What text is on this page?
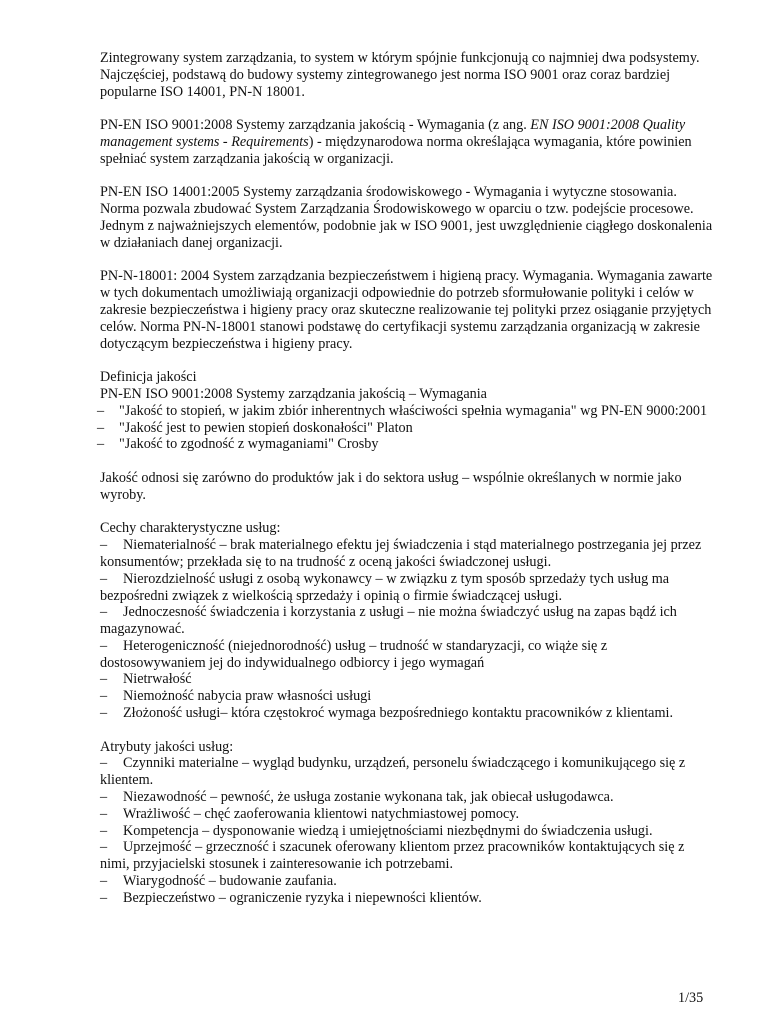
Zintegrowany system zarządzania, to system w którym spójnie funkcjonują co najmniej dwa podsystemy. Najczęściej, podstawą do budowy systemy zintegrowanego jest norma ISO 9001 oraz coraz bardziej popularne ISO 14001, PN-N 18001.

PN-EN ISO 9001:2008 Systemy zarządzania jakością - Wymagania (z ang. EN ISO 9001:2008 Quality management systems - Requirements) - międzynarodowa norma określająca wymagania, które powinien spełniać system zarządzania jakością w organizacji.

PN-EN ISO 14001:2005 Systemy zarządzania środowiskowego - Wymagania i wytyczne stosowania. Norma pozwala zbudować System Zarządzania Środowiskowego w oparciu o tzw. podejście procesowe. Jednym z najważniejszych elementów, podobnie jak w ISO 9001, jest uwzględnienie ciągłego doskonalenia w działaniach danej organizacji.

PN-N-18001: 2004 System zarządzania bezpieczeństwem i higieną pracy. Wymagania. Wymagania zawarte w tych dokumentach umożliwiają organizacji odpowiednie do potrzeb sformułowanie polityki i celów w zakresie bezpieczeństwa i higieny pracy oraz skuteczne realizowanie tej polityki przez osiąganie przyjętych celów. Norma PN-N-18001 stanowi podstawę do certyfikacji systemu zarządzania organizacją w zakresie dotyczącym bezpieczeństwa i higieny pracy.

Definicja jakości
PN-EN ISO 9001:2008 Systemy zarządzania jakością – Wymagania
–	"Jakość to stopień, w jakim zbiór inherentnych właściwości spełnia wymagania" wg PN-EN 9000:2001
–	"Jakość jest to pewien stopień doskonałości" Platon
–	"Jakość to zgodność z wymaganiami" Crosby

Jakość odnosi się zarówno do produktów jak i do sektora usług – wspólnie określanych w normie jako wyroby.

Cechy charakterystyczne usług:
– Niematerialność – brak materialnego efektu jej świadczenia i stąd materialnego postrzegania jej przez konsumentów; przekłada się to na trudność z oceną jakości świadczonej usługi.
– Nierozdzielność usługi z osobą wykonawcy – w związku z tym sposób sprzedaży tych usług ma bezpośredni związek z wielkością sprzedaży i opinią o firmie świadczącej usługi.
– Jednoczesność świadczenia i korzystania z usługi – nie można świadczyć usług na zapas bądź ich magazynować.
– Heterogeniczność (niejednorodność) usług – trudność w standaryzacji, co wiąże się z dostosowywaniem jej do indywidualnego odbiorcy i jego wymagań
– Nietrwałość
– Niemożność nabycia praw własności usługi
– Złożoność usługi– która częstokroć wymaga bezpośredniego kontaktu pracowników z klientami.
Atrybuty jakości usług:
– Czynniki materialne – wygląd budynku, urządzeń, personelu świadczącego i komunikującego się z klientem.
– Niezawodność – pewność, że usługa zostanie wykonana tak, jak obiecał usługodawca.
– Wrażliwość – chęć zaoferowania klientowi natychmiastowej pomocy.
– Kompetencja – dysponowanie wiedzą i umiejętnościami niezbędnymi do świadczenia usługi.
– Uprzejmość – grzeczność i szacunek oferowany klientom przez pracowników kontaktujących się z nimi, przyjacielski stosunek i zainteresowanie ich potrzebami.
– Wiarygodność – budowanie zaufania.
– Bezpieczeństwo – ograniczenie ryzyka i niepewności klientów.
1/35
